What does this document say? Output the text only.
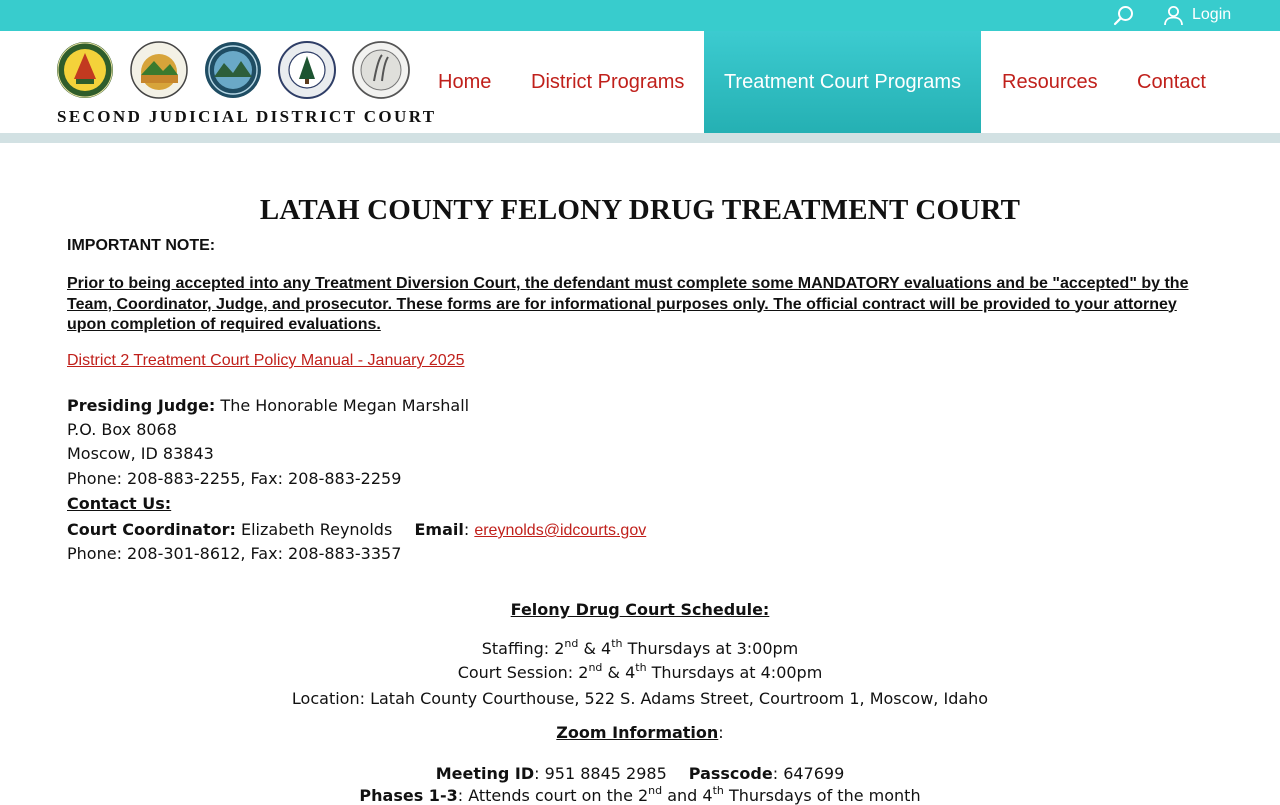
Login
SECOND JUDICIAL DISTRICT COURT
Home District Programs	Treatment Court Programs	Resources Contact
LATAH COUNTY FELONY DRUG TREATMENT COURT
IMPORTANT NOTE:
Prior to being accepted into any Treatment Diversion Court, the defendant must complete some MANDATORY evaluations and be "accepted" by the Team, Coordinator, Judge, and prosecutor. These forms are for informational purposes only. The official contract will be provided to your attorney upon completion of required evaluations.
District 2 Treatment Court Policy Manual - January 2025
Presiding Judge: The Honorable Megan Marshall
P.O. Box 8068
Moscow, ID 83843
Phone: 208-883-2255, Fax: 208-883-2259
Contact Us:
Court Coordinator: Elizabeth Reynolds Email: ereynolds@idcourts.gov
Phone: 208-301-8612, Fax: 208-883-3357
Felony Drug Court Schedule:
Staffing: 2nd & 4th Thursdays at 3:00pm
Court Session: 2nd & 4th Thursdays at 4:00pm
Location: Latah County Courthouse, 522 S. Adams Street, Courtroom 1, Moscow, Idaho
Zoom Information:
Meeting ID: 951 8845 2985 Passcode: 647699
Phases 1-3: Attends court on the 2nd and 4th Thursdays of the month
